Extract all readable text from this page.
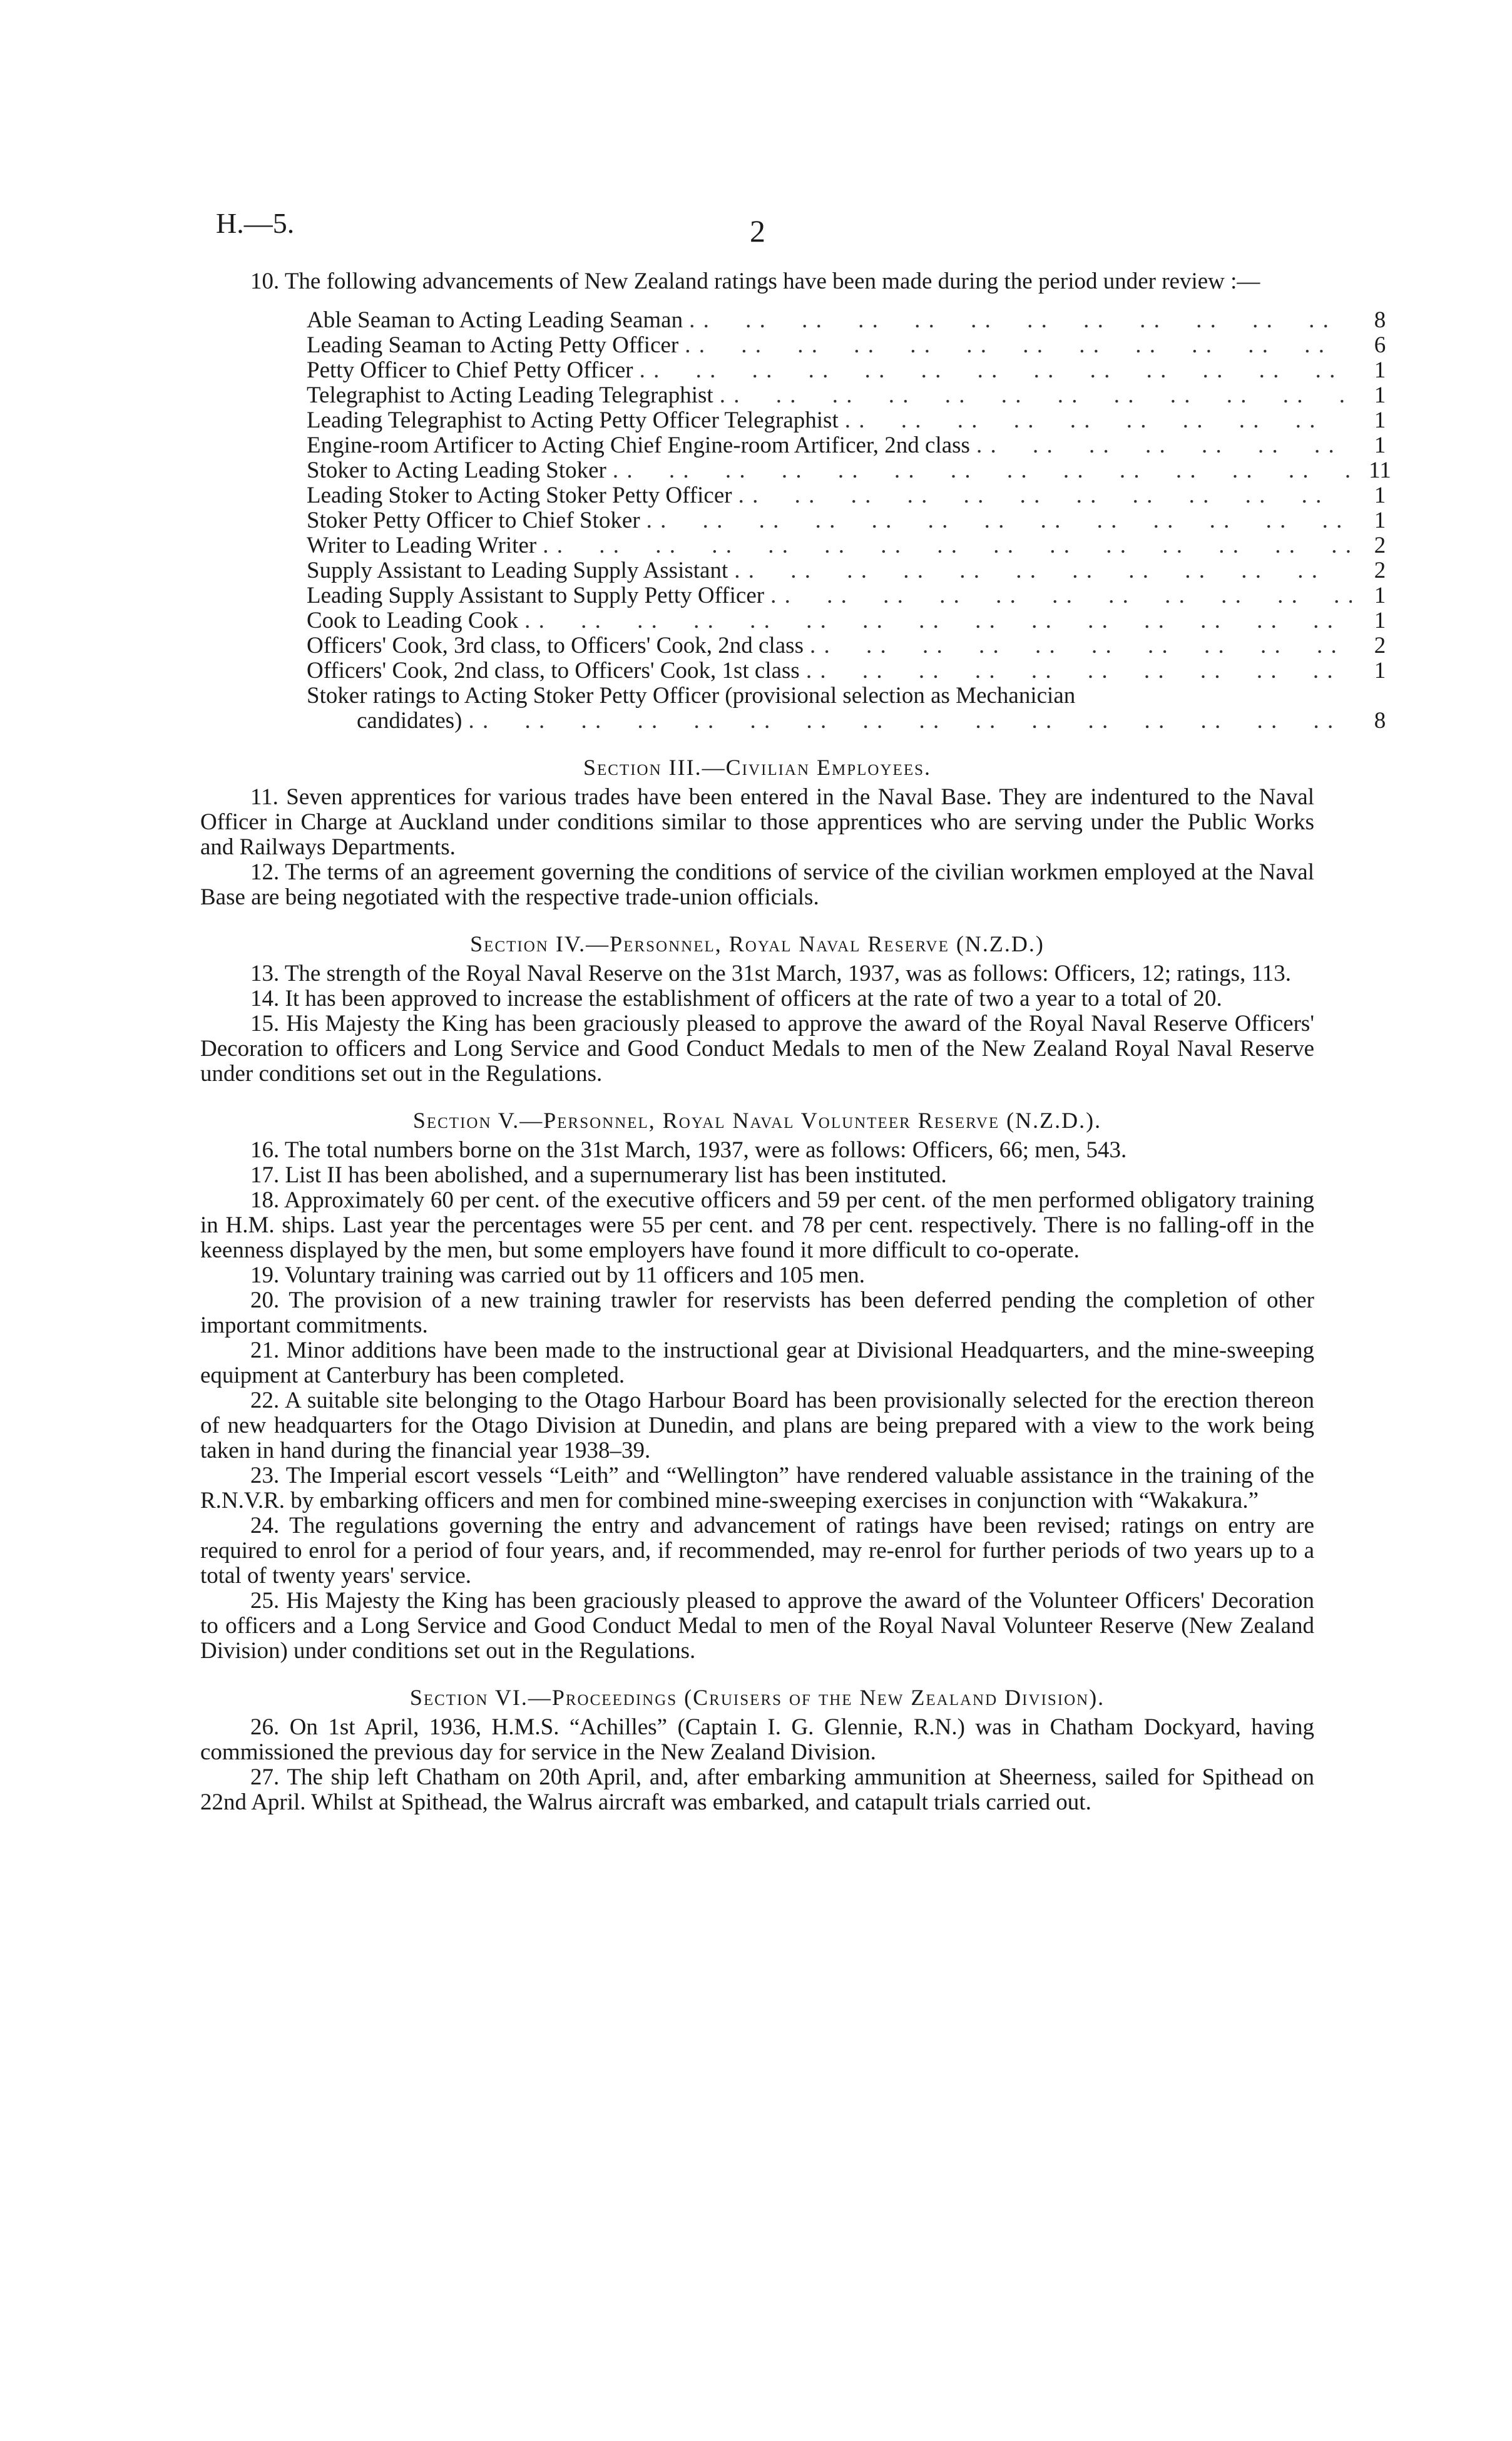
H.—5.	2

10. The following advancements of New Zealand ratings have been made during the period under review :—

Able Seaman to Acting Leading Seaman . .	8
Leading Seaman to Acting Petty Officer . .	6
Petty Officer to Chief Petty Officer . .	1
Telegraphist to Acting Leading Telegraphist . .	1
Leading Telegraphist to Acting Petty Officer Telegraphist . .	1
Engine-room Artificer to Acting Chief Engine-room Artificer, 2nd class . .	1
Stoker to Acting Leading Stoker . .	11
Leading Stoker to Acting Stoker Petty Officer . .	1
Stoker Petty Officer to Chief Stoker . .	1
Writer to Leading Writer . .	2
Supply Assistant to Leading Supply Assistant . .	2
Leading Supply Assistant to Supply Petty Officer . .	1
Cook to Leading Cook . .	1
Officers' Cook, 3rd class, to Officers' Cook, 2nd class . .	2
Officers' Cook, 2nd class, to Officers' Cook, 1st class . .	1
Stoker ratings to Acting Stoker Petty Officer (provisional selection as Mechanician
candidates) . .	8
Section III.—Civilian Employees.

11. Seven apprentices for various trades have been entered in the Naval Base. They are indentured to the Naval Officer in Charge at Auckland under conditions similar to those apprentices who are serving under the Public Works and Railways Departments.

12. The terms of an agreement governing the conditions of service of the civilian workmen employed at the Naval Base are being negotiated with the respective trade-union officials.

Section IV.—Personnel, Royal Naval Reserve (N.Z.D.)

13. The strength of the Royal Naval Reserve on the 31st March, 1937, was as follows: Officers, 12; ratings, 113.

14. It has been approved to increase the establishment of officers at the rate of two a year to a total of 20.

15. His Majesty the King has been graciously pleased to approve the award of the Royal Naval Reserve Officers' Decoration to officers and Long Service and Good Conduct Medals to men of the New Zealand Royal Naval Reserve under conditions set out in the Regulations.

Section V.—Personnel, Royal Naval Volunteer Reserve (N.Z.D.).

16. The total numbers borne on the 31st March, 1937, were as follows: Officers, 66; men, 543.

17. List II has been abolished, and a supernumerary list has been instituted.

18. Approximately 60 per cent. of the executive officers and 59 per cent. of the men performed obligatory training in H.M. ships. Last year the percentages were 55 per cent. and 78 per cent. respectively. There is no falling-off in the keenness displayed by the men, but some employers have found it more difficult to co-operate.

19. Voluntary training was carried out by 11 officers and 105 men.

20. The provision of a new training trawler for reservists has been deferred pending the completion of other important commitments.

21. Minor additions have been made to the instructional gear at Divisional Headquarters, and the mine-sweeping equipment at Canterbury has been completed.

22. A suitable site belonging to the Otago Harbour Board has been provisionally selected for the erection thereon of new headquarters for the Otago Division at Dunedin, and plans are being prepared with a view to the work being taken in hand during the financial year 1938–39.

23. The Imperial escort vessels “Leith” and “Wellington” have rendered valuable assistance in the training of the R.N.V.R. by embarking officers and men for combined mine-sweeping exercises in conjunction with “Wakakura.”

24. The regulations governing the entry and advancement of ratings have been revised; ratings on entry are required to enrol for a period of four years, and, if recommended, may re-enrol for further periods of two years up to a total of twenty years' service.

25. His Majesty the King has been graciously pleased to approve the award of the Volunteer Officers' Decoration to officers and a Long Service and Good Conduct Medal to men of the Royal Naval Volunteer Reserve (New Zealand Division) under conditions set out in the Regulations.

Section VI.—Proceedings (Cruisers of the New Zealand Division).

26. On 1st April, 1936, H.M.S. “Achilles” (Captain I. G. Glennie, R.N.) was in Chatham Dockyard, having commissioned the previous day for service in the New Zealand Division.

27. The ship left Chatham on 20th April, and, after embarking ammunition at Sheerness, sailed for Spithead on 22nd April. Whilst at Spithead, the Walrus aircraft was embarked, and catapult trials carried out.
